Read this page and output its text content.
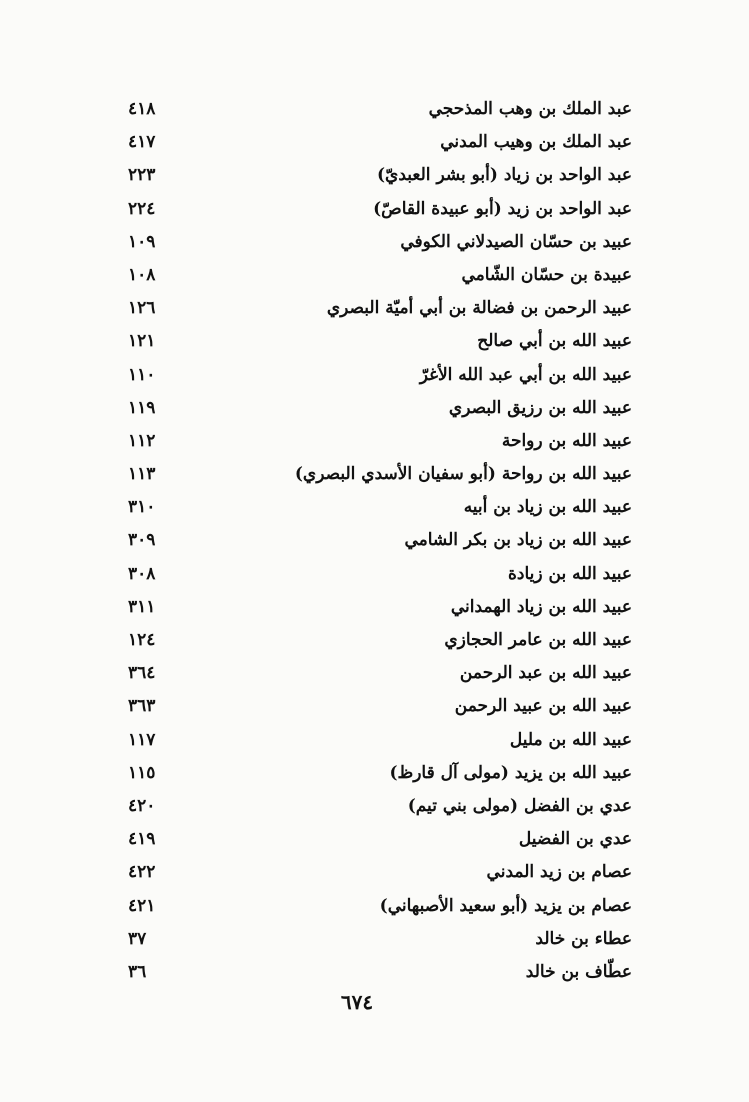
عبد الملك بن وهب المذحجي
٤١٨
عبد الملك بن وهيب المدني
٤١٧
عبد الواحد بن زياد (أبو بشر العبديّ)
٢٢٣
عبد الواحد بن زيد (أبو عبيدة القاصّ)
٢٢٤
عبيد بن حسّان الصيدلاني الكوفي
١٠٩
عبيدة بن حسّان الشّامي
١٠٨
عبيد الرحمن بن فضالة بن أبي أميّة البصري
١٢٦
عبيد الله بن أبي صالح
١٢١
عبيد الله بن أبي عبد الله الأغرّ
١١٠
عبيد الله بن رزيق البصري
١١٩
عبيد الله بن رواحة
١١٢
عبيد الله بن رواحة (أبو سفيان الأسدي البصري)
١١٣
عبيد الله بن زياد بن أبيه
٣١٠
عبيد الله بن زياد بن بكر الشامي
٣٠٩
عبيد الله بن زيادة
٣٠٨
عبيد الله بن زياد الهمداني
٣١١
عبيد الله بن عامر الحجازي
١٢٤
عبيد الله بن عبد الرحمن
٣٦٤
عبيد الله بن عبيد الرحمن
٣٦٣
عبيد الله بن مليل
١١٧
عبيد الله بن يزيد (مولى آل قارظ)
١١٥
عدي بن الفضل (مولى بني تيم)
٤٢٠
عدي بن الفضيل
٤١٩
عصام بن زيد المدني
٤٢٢
عصام بن يزيد (أبو سعيد الأصبهاني)
٤٢١
عطاء بن خالد
٣٧
عطّاف بن خالد
٣٦
٦٧٤
